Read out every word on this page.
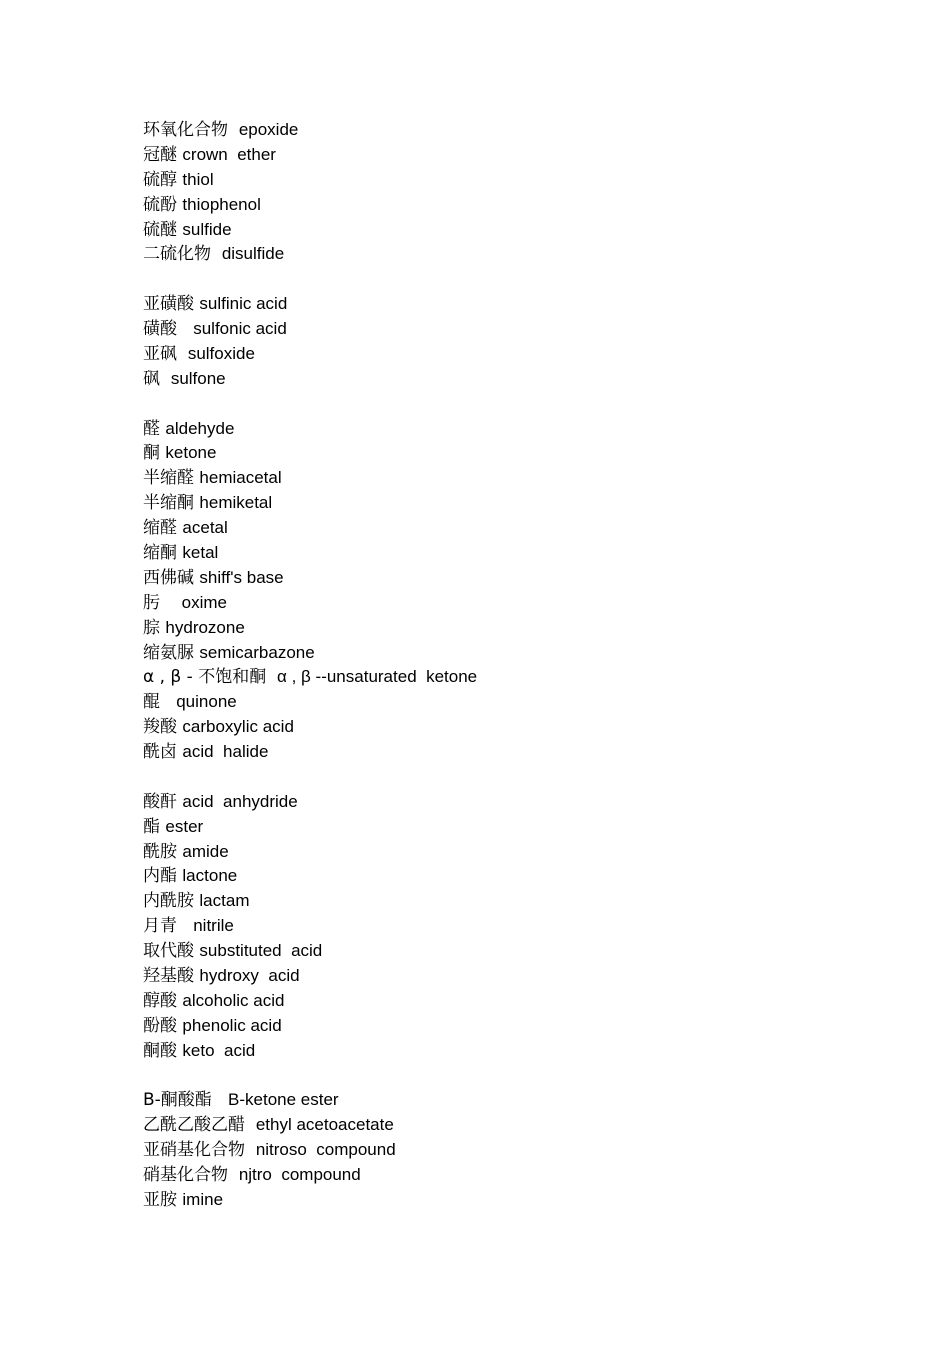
环氧化合物 epoxide
冠醚 crown  ether
硫醇 thiol
硫酚 thiophenol
硫醚 sulfide
二硫化物 disulfide
亚磺酸 sulfinic acid
磺酸 sulfonic acid
亚砜 sulfoxide
砜 sulfone
醛 aldehyde
酮 ketone
半缩醛 hemiacetal
半缩酮 hemiketal
缩醛 acetal
缩酮 ketal
西佛碱 shiff's base
肟 oxime
腙 hydrozone
缩氨脲 semicarbazone
α , β - 不饱和酮 α , β --unsaturated  ketone
醌 quinone
羧酸 carboxylic acid
酰卤 acid  halide
酸酐 acid  anhydride
酯 ester
酰胺 amide
内酯 lactone
内酰胺 lactam
月青 nitrile
取代酸 substituted  acid
羟基酸 hydroxy  acid
醇酸 alcoholic acid
酚酸 phenolic acid
酮酸 keto  acid
B-酮酸酯 B-ketone ester
乙酰乙酸乙醋 ethyl acetoacetate
亚硝基化合物 nitroso  compound
硝基化合物 njtro  compound
亚胺 imine
